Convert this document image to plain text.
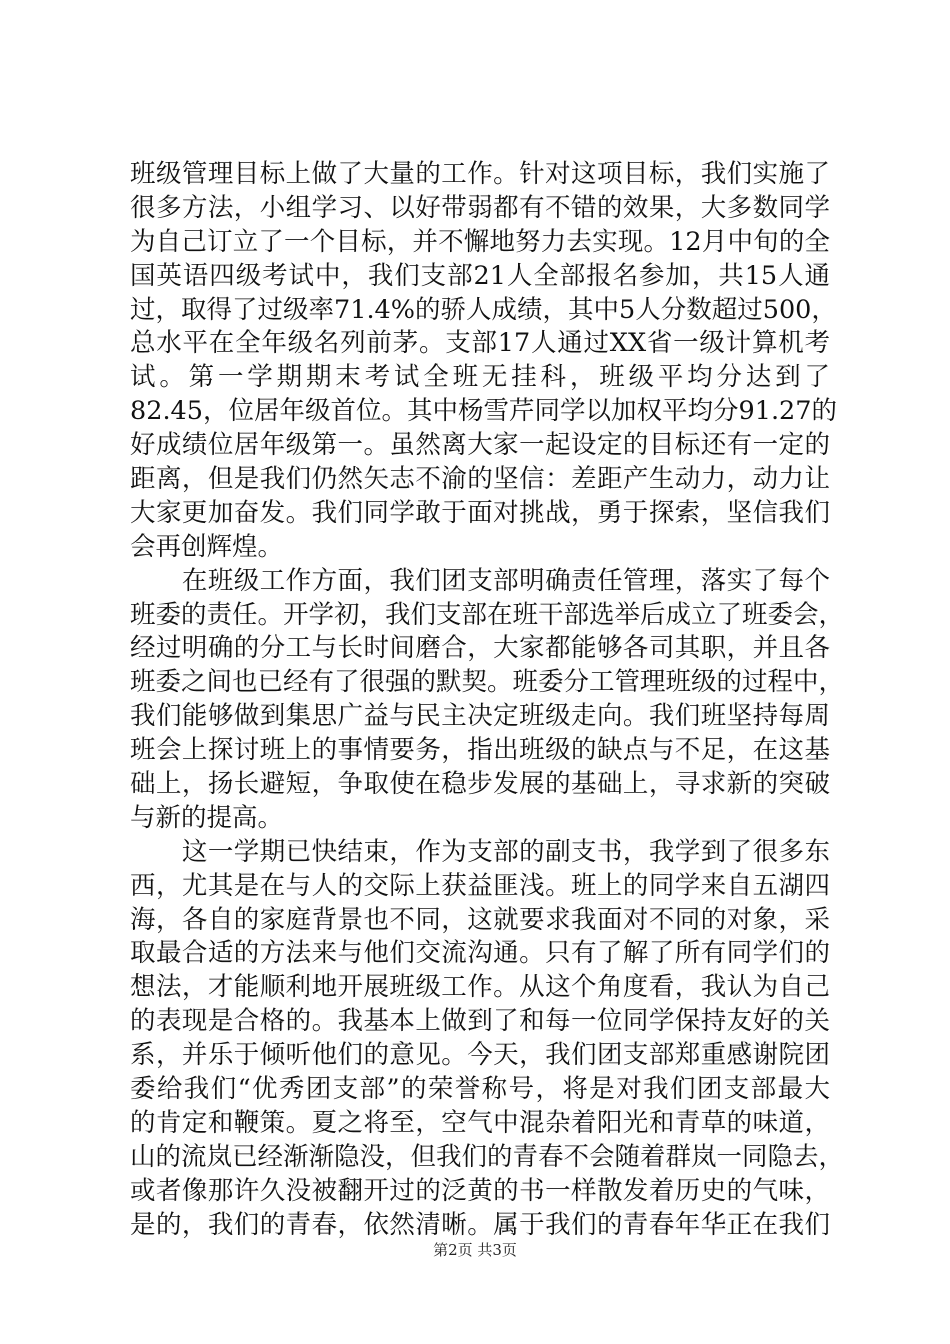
班级管理目标上做了大量的工作。针对这项目标，我们实施了
很多方法，小组学习、以好带弱都有不错的效果，大多数同学
为自己订立了一个目标，并不懈地努力去实现。12月中旬的全
国英语四级考试中，我们支部21人全部报名参加，共15人通
过，取得了过级率71.4%的骄人成绩，其中5人分数超过500，
总水平在全年级名列前茅。支部17人通过XX省一级计算机考
试。第一学期期末考试全班无挂科，班级平均分达到了
82.45，位居年级首位。其中杨雪芹同学以加权平均分91.27的
好成绩位居年级第一。虽然离大家一起设定的目标还有一定的
距离，但是我们仍然矢志不渝的坚信：差距产生动力，动力让
大家更加奋发。我们同学敢于面对挑战，勇于探索，坚信我们
会再创辉煌。
　　在班级工作方面，我们团支部明确责任管理，落实了每个
班委的责任。开学初，我们支部在班干部选举后成立了班委会，
经过明确的分工与长时间磨合，大家都能够各司其职，并且各
班委之间也已经有了很强的默契。班委分工管理班级的过程中，
我们能够做到集思广益与民主决定班级走向。我们班坚持每周
班会上探讨班上的事情要务，指出班级的缺点与不足，在这基
础上，扬长避短，争取使在稳步发展的基础上，寻求新的突破
与新的提高。
　　这一学期已快结束，作为支部的副支书，我学到了很多东
西，尤其是在与人的交际上获益匪浅。班上的同学来自五湖四
海，各自的家庭背景也不同，这就要求我面对不同的对象，采
取最合适的方法来与他们交流沟通。只有了解了所有同学们的
想法，才能顺利地开展班级工作。从这个角度看，我认为自己
的表现是合格的。我基本上做到了和每一位同学保持友好的关
系，并乐于倾听他们的意见。今天，我们团支部郑重感谢院团
委给我们“优秀团支部”的荣誉称号，将是对我们团支部最大
的肯定和鞭策。夏之将至，空气中混杂着阳光和青草的味道，
山的流岚已经渐渐隐没，但我们的青春不会随着群岚一同隐去，
或者像那许久没被翻开过的泛黄的书一样散发着历史的气味，
是的，我们的青春，依然清晰。属于我们的青春年华正在我们
第2页 共3页
